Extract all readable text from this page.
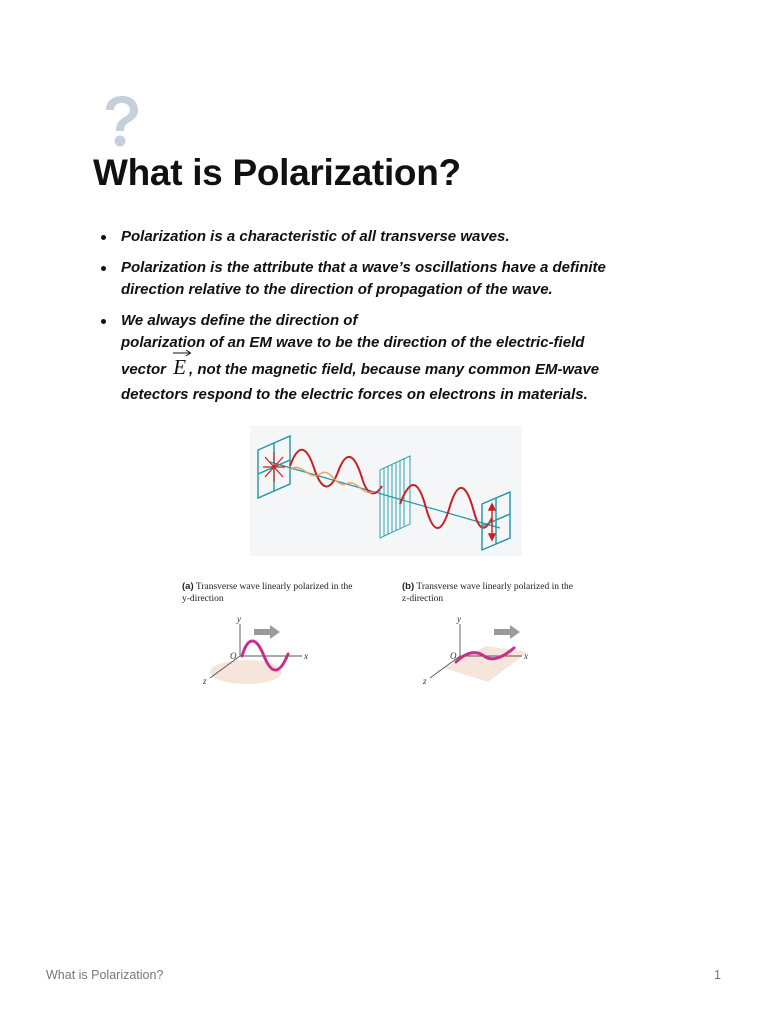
What is Polarization?
Polarization is a characteristic of all transverse waves.
Polarization is the attribute that a wave’s oscillations have a definite
direction relative to the direction of propagation of the wave.
We always define the direction of
polarization of an EM wave to be the direction of the electric-field
vector
E , not the magnetic field, because many common EM-wave
detectors respond to the electric forces on electrons in materials.
(a) Transverse wave linearly polarized in the
y-direction
(b) Transverse wave linearly polarized in the
z-direction
y
x
z
O
y
x
z
O
What is Polarization?	1
